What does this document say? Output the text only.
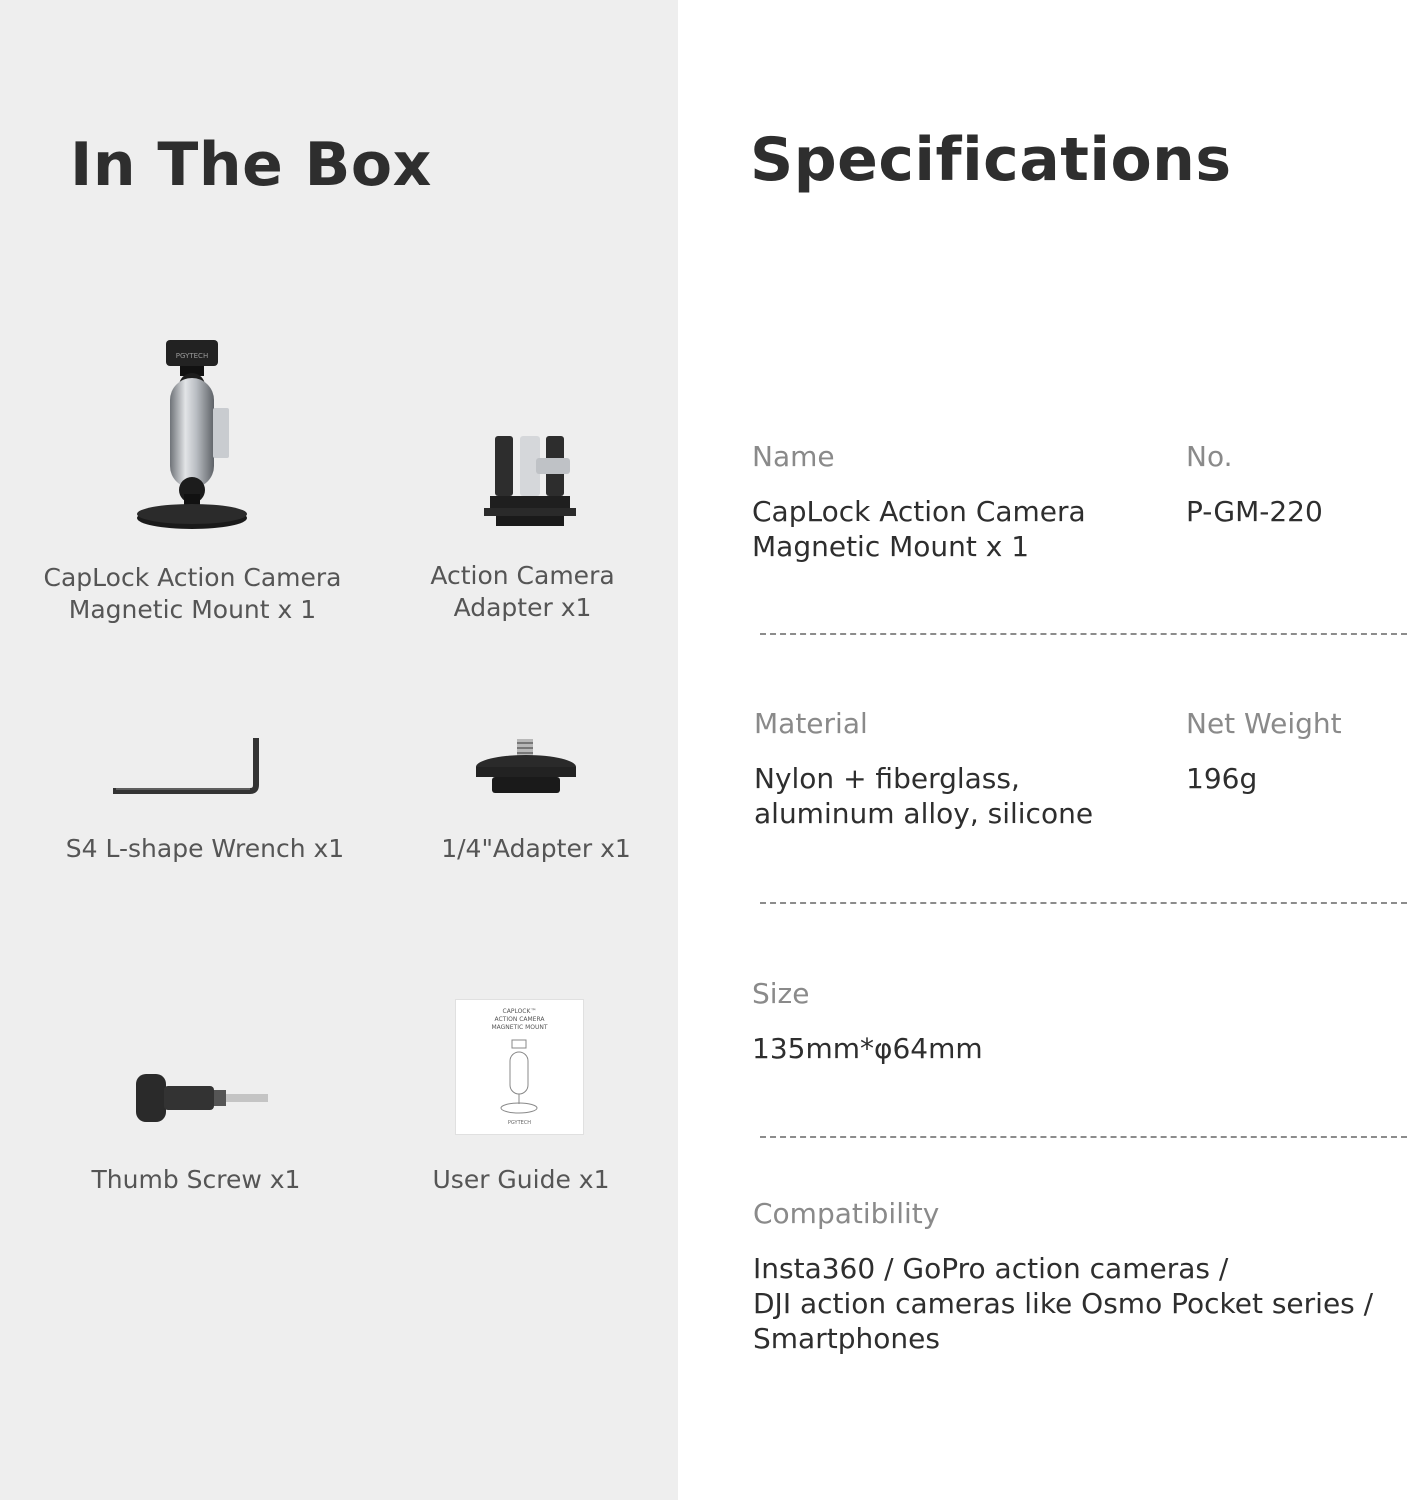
In The Box
PGYTECH
CapLock Action Camera
Magnetic Mount x 1
Action Camera
Adapter x1
S4 L-shape Wrench x1	1/4"Adapter x1
Thumb Screw x1
CAPLOCK™
ACTION CAMERA
MAGNETIC MOUNT
PGYTECH
User Guide x1
Specifications
Name
CapLock Action Camera
Magnetic Mount x 1
No.
P-GM-220
Material
Nylon + fiberglass,
aluminum alloy, silicone
Net Weight
196g
Size
135mm*φ64mm
Compatibility
Insta360 / GoPro action cameras /
DJI action cameras like Osmo Pocket series /
Smartphones
